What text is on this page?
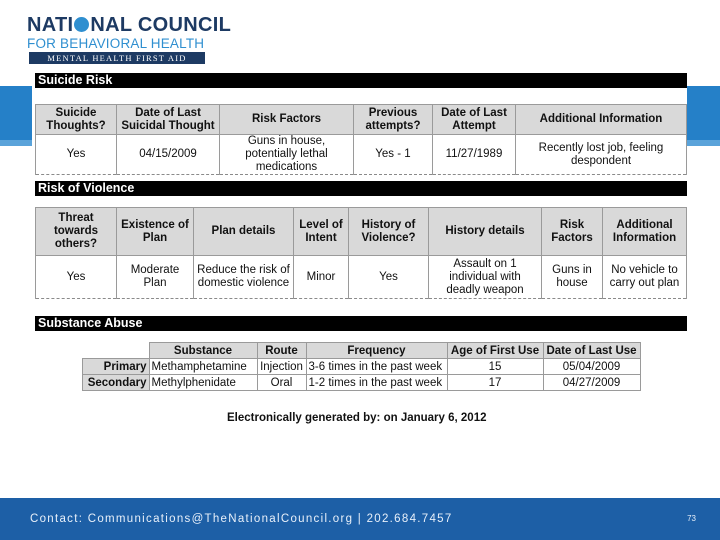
NATI NAL COUNCIL
FOR BEHAVIORAL HEALTH
MENTAL HEALTH FIRST AID
Suicide Risk
Suicide Thoughts?	Date of Last Suicidal Thought	Risk Factors	Previous attempts?	Date of Last Attempt	Additional Information
Yes	04/15/2009	Guns in house, potentially lethal medications	Yes - 1	11/27/1989	Recently lost job, feeling despondent
Risk of Violence
Threat towards others?	Existence of Plan	Plan details	Level of Intent	History of Violence?	History details	Risk Factors	Additional Information
Yes	Moderate Plan	Reduce the risk of domestic violence	Minor	Yes	Assault on 1 individual with deadly weapon	Guns in house	No vehicle to carry out plan
Substance Abuse
	Substance	Route	Frequency	Age of First Use	Date of Last Use
Primary	Methamphetamine	Injection	3-6 times in the past week	15	05/04/2009
Secondary	Methylphenidate	Oral	1-2 times in the past week	17	04/27/2009
Electronically generated by: on January 6, 2012
Contact: Communications@TheNationalCouncil.org | 202.684.7457	73
